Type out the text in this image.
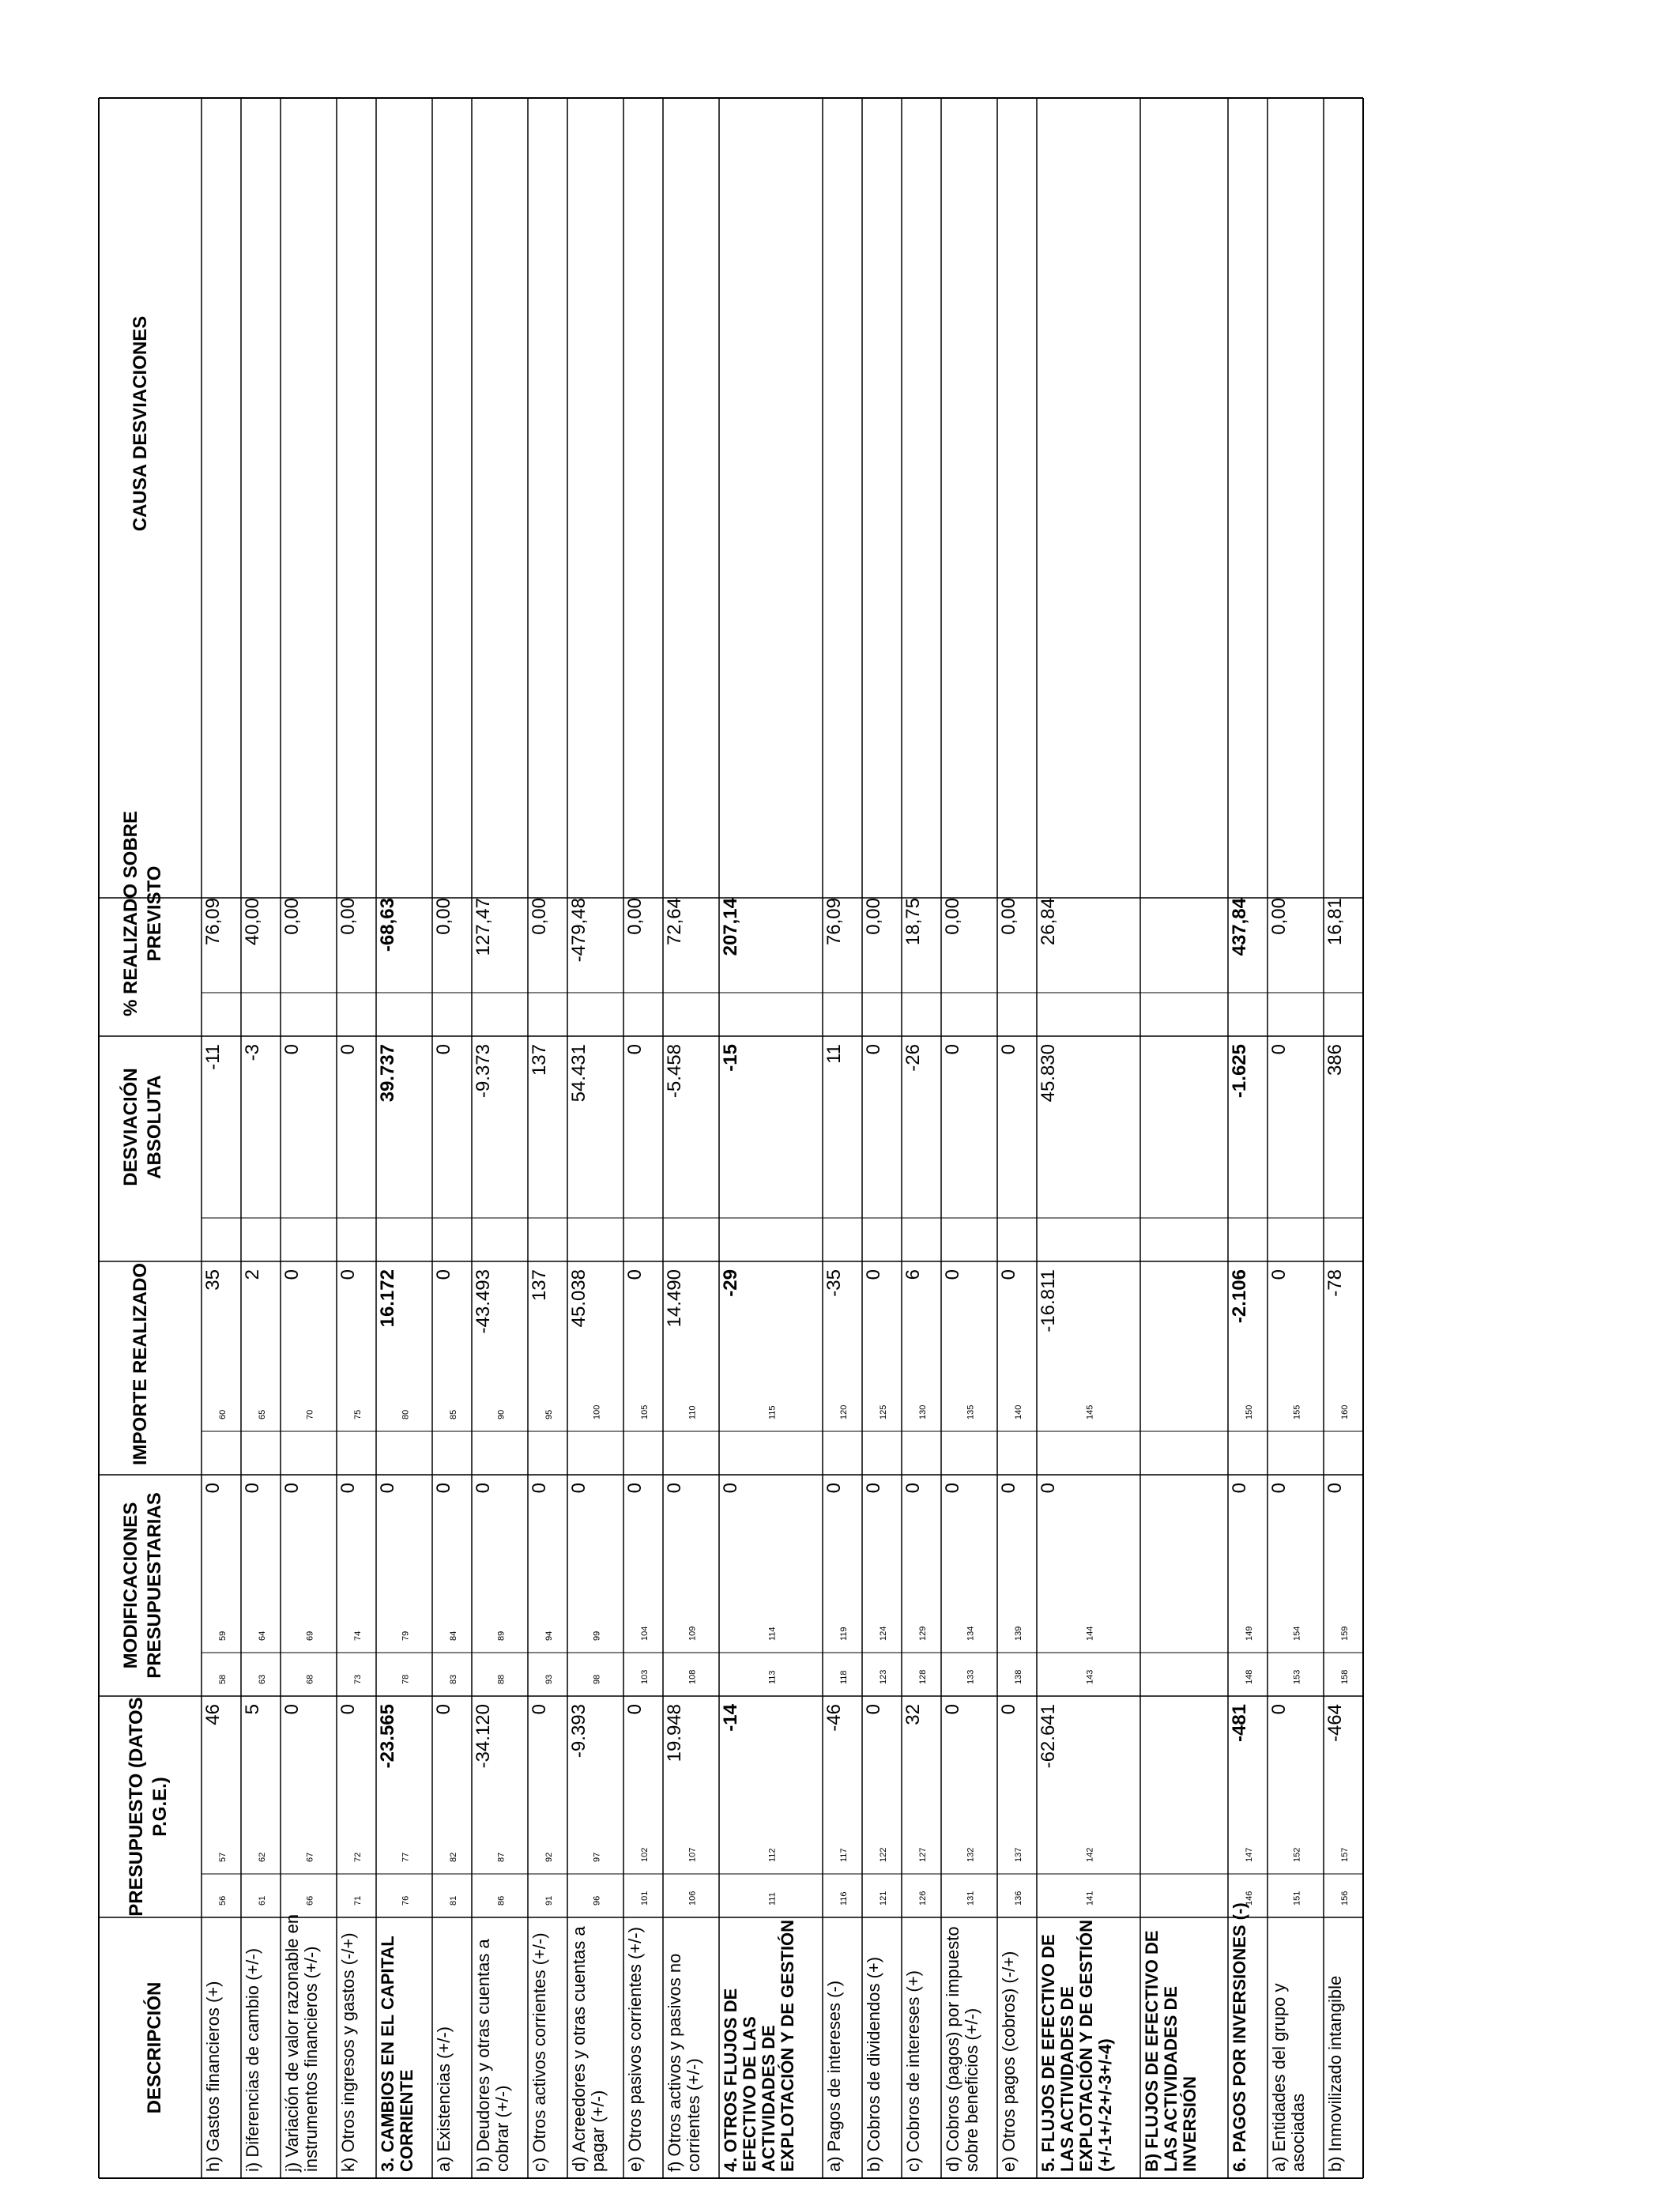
DESCRIPCIÓN
PRESUPUESTO (DATOS P.G.E.)
MODIFICACIONES PRESUPUESTARIAS
IMPORTE REALIZADO
DESVIACIÓN ABSOLUTA
% REALIZADO SOBRE PREVISTO
CAUSA DESVIACIONES
h) Gastos financieros (+)
56
57
58
59
60
46
0
35
-11
76,09
i) Diferencias de cambio (+/-)
61
62
63
64
65
5
0
2
-3
40,00
j) Variación de valor razonable en instrumentos financieros (+/-)
66
67
68
69
70
0
0
0
0
0,00
k) Otros ingresos y gastos (-/+)
71
72
73
74
75
0
0
0
0
0,00
3. CAMBIOS EN EL CAPITAL CORRIENTE
76
77
78
79
80
-23.565
0
16.172
39.737
-68,63
a) Existencias (+/-)
81
82
83
84
85
0
0
0
0
0,00
b) Deudores y otras cuentas a cobrar (+/-)
86
87
88
89
90
-34.120
0
-43.493
-9.373
127,47
c) Otros activos corrientes (+/-)
91
92
93
94
95
0
0
137
137
0,00
d) Acreedores y otras cuentas a pagar (+/-)
96
97
98
99
100
-9.393
0
45.038
54.431
-479,48
e) Otros pasivos corrientes (+/-)
101
102
103
104
105
0
0
0
0
0,00
f) Otros activos y pasivos no corrientes (+/-)
106
107
108
109
110
19.948
0
14.490
-5.458
72,64
4. OTROS FLUJOS DE EFECTIVO DE LAS ACTIVIDADES DE EXPLOTACIÓN Y DE GESTIÓN
111
112
113
114
115
-14
0
-29
-15
207,14
a) Pagos de intereses (-)
116
117
118
119
120
-46
0
-35
11
76,09
b) Cobros de dividendos (+)
121
122
123
124
125
0
0
0
0
0,00
c) Cobros de intereses (+)
126
127
128
129
130
32
0
6
-26
18,75
d) Cobros (pagos) por impuesto sobre beneficios (+/-)
131
132
133
134
135
0
0
0
0
0,00
e) Otros pagos (cobros) (-/+)
136
137
138
139
140
0
0
0
0
0,00
5. FLUJOS DE EFECTIVO DE LAS ACTIVIDADES DE EXPLOTACIÓN Y DE GESTIÓN (+/-1+/-2+/-3+/-4)
141
142
143
144
145
-62.641
0
-16.811
45.830
26,84
B) FLUJOS DE EFECTIVO DE LAS ACTIVIDADES DE INVERSIÓN 6. PAGOS POR INVERSIONES (-)
146
147
148
149
150
-481
0
-2.106
-1.625
437,84
a) Entidades del grupo y asociadas
151
152
153
154
155
0
0
0
0
0,00
b) Inmovilizado intangible
156
157
158
159
160
-464
0
-78
386
16,81
